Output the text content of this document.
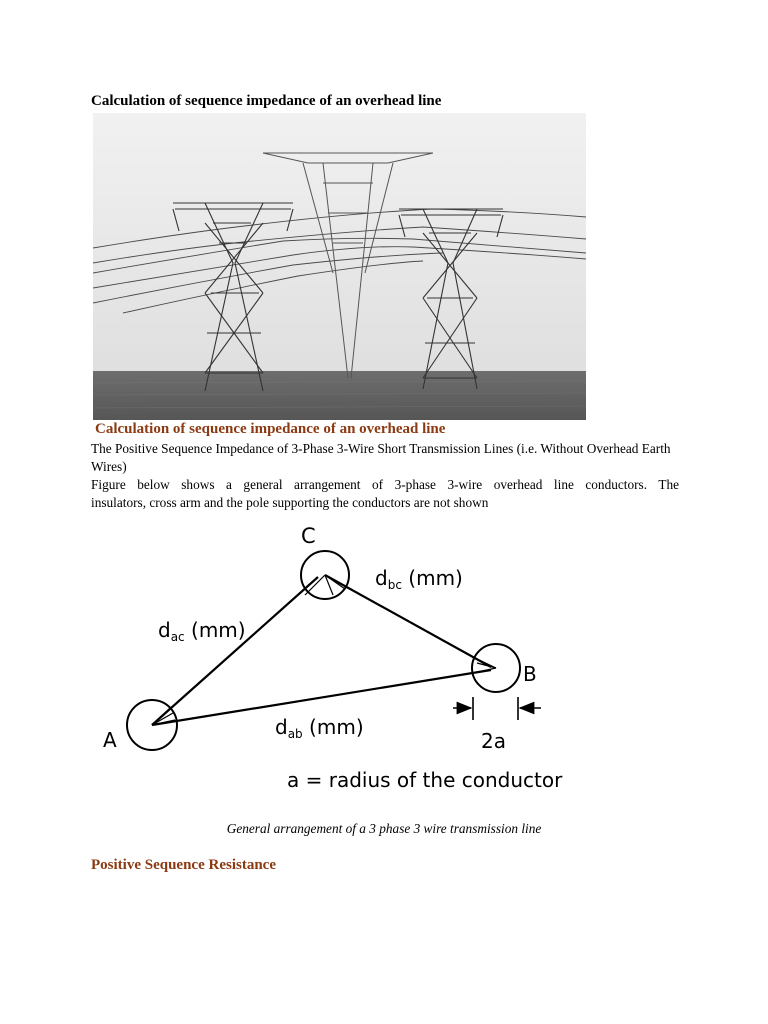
Calculation of sequence impedance of an overhead line
Calculation of sequence impedance of an overhead line
The Positive Sequence Impedance of 3-Phase 3-Wire Short Transmission Lines (i.e. Without Overhead Earth Wires)
Figure below shows a general arrangement of 3-phase 3-wire overhead line conductors. The
insulators, cross arm and the pole supporting the conductors are not shown
C
B
A
$d_{bc}$ (mm)
$d_{ac}$ (mm)
$d_{ab}$ (mm)
2a
a = radius of the conductor
General arrangement of a 3 phase 3 wire transmission line
Positive Sequence Resistance
